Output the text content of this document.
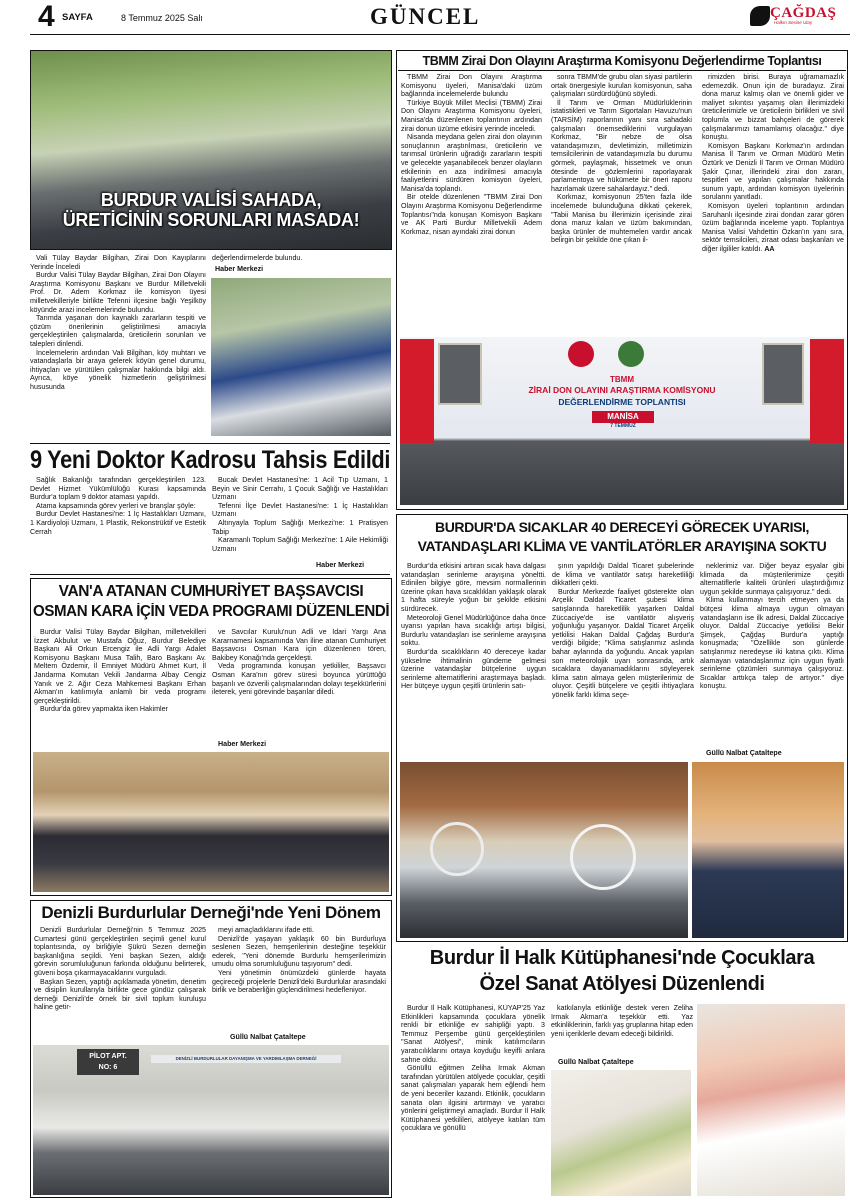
4 SAYFA	8 Temmuz 2025 Salı	GÜNCEL	ÇAĞDAŞ
Halkın Sesine Ulaş
BURDUR VALİSİ SAHADA,
ÜRETİCİNİN SORUNLARI MASADA!

Vali Tülay Baydar Bilgihan, Zirai Don Kayıplarını Yerinde İnceledi

Burdur Valisi Tülay Baydar Bilgihan, Zirai Don Olayını Araştırma Komisyonu Başkanı ve Burdur Milletvekili Prof. Dr. Adem Korkmaz ile komisyon üyesi milletvekilleriyle birlikte Tefenni ilçesine bağlı Yeşilköy köyünde arazi incelemelerinde bulundu.

Tarımda yaşanan don kaynaklı zararların tespiti ve çözüm önerilerinin geliştirilmesi amacıyla gerçekleştirilen çalışmalarda, üreticilerin sorunları ve talepleri dinlendi.

İncelemelerin ardından Vali Bilgihan, köy muhtarı ve vatandaşlarla bir araya gelerek köyün genel durumu, ihtiyaçları ve yürütülen çalışmalar hakkında bilgi aldı. Ayrıca, köye yönelik hizmetlerin geliştirilmesi hususunda

değerlendirmelerde bulundu.
Haber Merkezi
9 Yeni Doktor Kadrosu Tahsis Edildi

Sağlık Bakanlığı tarafından gerçekleştirilen 123. Devlet Hizmet Yükümlülüğü Kurası kapsamında Burdur'a toplam 9 doktor ataması yapıldı.

Atama kapsamında görev yerleri ve branşlar şöyle:

Burdur Devlet Hastanesi'ne: 1 İç Hastalıkları Uzmanı, 1 Kardiyoloji Uzmanı, 1 Plastik, Rekonstrüktif ve Estetik Cerrah

Bucak Devlet Hastanesi'ne: 1 Acil Tıp Uzmanı, 1 Beyin ve Sinir Cerrahı, 1 Çocuk Sağlığı ve Hastalıkları Uzmanı

Tefenni İlçe Devlet Hastanesi'ne: 1 İç Hastalıkları Uzmanı

Altınyayla Toplum Sağlığı Merkezi'ne: 1 Pratisyen Tabip

Karamanlı Toplum Sağlığı Merkezi'ne: 1 Aile Hekimliği Uzmanı

Haber Merkezi
VAN'A ATANAN CUMHURİYET BAŞSAVCISI
OSMAN KARA İÇİN VEDA PROGRAMI DÜZENLENDİ

Burdur Valisi Tülay Baydar Bilgihan, milletvekilleri İzzet Akbulut ve Mustafa Oğuz, Burdur Belediye Başkanı Ali Orkun Ercengiz ile Adli Yargı Adalet Komisyonu Başkanı Musa Talih, Baro Başkanı Av. Meltem Özdemir, İl Emniyet Müdürü Ahmet Kurt, İl Jandarma Komutan Vekili Jandarma Albay Cengiz Yanık ve 2. Ağır Ceza Mahkemesi Başkanı Erhan Akman'ın katılımıyla anlamlı bir veda programı gerçekleştirildi.

Burdur'da görev yapmakta iken Hakimler

ve Savcılar Kurulu'nun Adli ve İdari Yargı Ana Kararnamesi kapsamında Van iline atanan Cumhuriyet Başsavcısı Osman Kara için düzenlenen tören, Bakibey Konağı'nda gerçekleşti.

Veda programında konuşan yetkililer, Başsavcı Osman Kara'nın görev süresi boyunca yürüttüğü başarılı ve özverili çalışmalarından dolayı teşekkürlerini ileterek, yeni görevinde başarılar diledi.

Haber Merkezi
Denizli Burdurlular Derneği'nde Yeni Dönem

Denizli Burdurlular Derneği'nin 5 Temmuz 2025 Cumartesi günü gerçekleştirilen seçimli genel kurul toplantısında, oy birliğiyle Şükrü Sezen derneğin başkanlığına seçildi. Yeni başkan Sezen, aldığı görevin sorumluluğunun farkında olduğunu belirterek, güveni boşa çıkarmayacaklarını vurguladı.

Başkan Sezen, yaptığı açıklamada yönetim, denetim ve disiplin kurullarıyla birlikte gece gündüz çalışarak derneği Denizli'de örnek bir sivil toplum kuruluşu haline getir-

meyi amaçladıklarını ifade etti.

Denizli'de yaşayan yaklaşık 60 bin Burdurluya seslenen Sezen, hemşerilerinin desteğine teşekkür ederek, "Yeni dönemde Burdurlu hemşerilerimizin umudu olma sorumluluğunu taşıyorum" dedi.

Yeni yönetimin önümüzdeki günlerde hayata geçireceği projelerle Denizli'deki Burdurlular arasındaki birlik ve beraberliğin güçlendirilmesi hedefleniyor.

Güllü Nalbat Çataltepe
PİLOT APT.
NO: 6
DENİZLİ BURDURLULAR DAYANIŞMA VE YARDIMLAŞMA DERNEĞİ
TBMM Zirai Don Olayını Araştırma Komisyonu Değerlendirme Toplantısı

TBMM Zirai Don Olayını Araştırma Komisyonu üyeleri, Manisa'daki üzüm bağlarında incelemelerde bulundu

Türkiye Büyük Millet Meclisi (TBMM) Zirai Don Olayını Araştırma Komisyonu üyeleri, Manisa'da düzenlenen toplantının ardından zirai donun üzüme etkisini yerinde inceledi.

Nisanda meydana gelen zirai don olayının sonuçlarının araştırılması, üreticilerin ve tarımsal ürünlerin uğradığı zararların tespiti ve gelecekte yaşanabilecek benzer olayların etkilerinin en aza indirilmesi amacıyla faaliyetlerini sürdüren komisyon üyeleri, Manisa'da toplandı.

Bir otelde düzenlenen "TBMM Zirai Don Olayını Araştırma Komisyonu Değerlendirme Toplantısı"nda konuşan Komisyon Başkanı ve AK Parti Burdur Milletvekili Adem Korkmaz, nisan ayındaki zirai donun

sonra TBMM'de grubu olan siyasi partilerin ortak önergesiyle kurulan komisyonun, saha çalışmaları sürdürdüğünü söyledi.

İl Tarım ve Orman Müdürlüklerinin istatistikleri ve Tarım Sigortaları Havuzu'nun (TARSİM) raporlarının yanı sıra sahadaki çalışmaları önemsediklerini vurgulayan Korkmaz, "Bir nebze de olsa vatandaşımızın, devletimizin, milletimizin temsilcilerinin de vatandaşımızla bu durumu görmek, paylaşmak, hissetmek ve onun ötesinde de gözlemlerini raporlayarak parlamentoya ve hükümete bir öneri raporu hazırlamak üzere sahalardayız." dedi.

Korkmaz, komisyonun 25'ten fazla ilde incelemede bulunduğuna dikkati çekerek, "Tabii Manisa bu illerimizin içerisinde zirai dona maruz kalan ve üzüm bakımından, başka ürünler de muhtemelen vardır ancak belirgin bir şekilde öne çıkan il-

rimizden birisi. Buraya uğramamazlık edemezdik. Onun için de buradayız. Zirai dona maruz kalmış olan ve önemli gider ve maliyet sıkıntısı yaşamış olan illerimizdeki üreticilerimizle ve üreticilerin birlikleri ve sivil toplumla ve bizzat bahçeleri de görerek çalışmalarımızı tamamlamış olacağız." diye konuştu.

Komisyon Başkanı Korkmaz'ın ardından Manisa İl Tarım ve Orman Müdürü Metin Öztürk ve Denizli İl Tarım ve Orman Müdürü Şakir Çınar, illerindeki zirai don zararı, tespitleri ve yapılan çalışmalar hakkında sunum yaptı, ardından komisyon üyelerinin sorularını yanıtladı.

Komisyon üyeleri toplantının ardından Saruhanlı ilçesinde zirai dondan zarar gören üzüm bağlarında inceleme yaptı. Toplantıya Manisa Valisi Vahdettin Özkan'ın yanı sıra, sektör temsilcileri, ziraat odası başkanları ve diğer ilgililer katıldı. AA

TBMM
ZİRAİ DON OLAYINI ARAŞTIRMA KOMİSYONU
DEĞERLENDİRME TOPLANTISI
MANİSA
7 TEMMUZ
BURDUR'DA SICAKLAR 40 DERECEYİ GÖRECEK UYARISI,
VATANDAŞLARI KLİMA VE VANTİLATÖRLER ARAYIŞINA SOKTU

Burdur'da etkisini artıran sıcak hava dalgası vatandaşları serinleme arayışına yöneltti. Edinilen bilgiye göre, mevsim normallerinin üzerine çıkan hava sıcaklıkları yaklaşık olarak 1 hafta süreyle yoğun bir şekilde etkisini sürdürecek.

Meteoroloji Genel Müdürlüğünce daha önce uyarısı yapılan hava sıcaklığı artışı bilgisi, Burdurlu vatandaşları ise serinleme arayışına soktu.

Burdur'da sıcaklıkların 40 dereceye kadar yükselme ihtimalinin gündeme gelmesi üzerine vatandaşlar bütçelerine uygun serinleme alternatiflerini araştırmaya başladı. Her bütçeye uygun çeşitli ürünlerin satı-

şının yapıldığı Daldal Ticaret şubelerinde de klima ve vantilatör satışı hareketliliği dikkatleri çekti.

Burdur Merkezde faaliyet gösterekte olan Arçelik Daldal Ticaret şubesi klima satışlarında hareketlilik yaşarken Daldal Züccaciye'de ise vantilatör alışveriş yoğunluğu yaşanıyor. Daldal Ticaret Arçelik yetkilisi Hakan Daldal Çağdaş Burdur'a verdiği bilgide; "Klima satışlarımız aslında bahar aylarında da yoğundu. Ancak yapılan son meteorolojik uyarı sonrasında, artık sıcaklara dayanamadıklarını söyleyerek klima satın almaya gelen müşterilerimiz de oluyor. Çeşitli bütçelere ve çeşitli ihtiyaçlara yönelik farklı klima seçe-

neklerimiz var. Diğer beyaz eşyalar gibi klimada da müşterilerimize çeşitli alternatiflerle kaliteli ürünleri ulaştırdığımız uygun şekilde sunmaya çalışıyoruz." dedi.

Klima kullanmayı tercih etmeyen ya da bütçesi klima almaya uygun olmayan vatandaşların ise ilk adresi, Daldal Züccaciye oluyor. Daldal Züccaciye yetkilisi Bekir Şimşek, Çağdaş Burdur'a yaptığı konuşmada; "Özellikle son günlerde satışlarımız neredeyse iki katına çıktı. Klima alamayan vatandaşlarımız için uygun fiyatlı serinleme çözümleri sunmaya çalışıyoruz. Sıcaklar arttıkça talep de artıyor." diye konuştu.

Güllü Nalbat Çataltepe
Burdur İl Halk Kütüphanesi'nde Çocuklara
Özel Sanat Atölyesi Düzenlendi

Burdur İl Halk Kütüphanesi, KÜYAP'25 Yaz Etkinlikleri kapsamında çocuklara yönelik renkli bir etkinliğe ev sahipliği yaptı. 3 Temmuz Perşembe günü gerçekleştirilen "Sanat Atölyesi", minik katılımcıların yaratıcılıklarını ortaya koyduğu keyifli anlara sahne oldu.

Gönüllü eğitmen Zeliha Irmak Akman tarafından yürütülen atölyede çocuklar, çeşitli sanat çalışmaları yaparak hem eğlendi hem de yeni beceriler kazandı. Etkinlik, çocukların sanata olan ilgisini artırmayı ve yaratıcı yönlerini geliştirmeyi amaçladı. Burdur İl Halk Kütüphanesi yetkilileri, atölyeye katılan tüm çocuklara ve gönüllü

katkılarıyla etkinliğe destek veren Zeliha Irmak Akman'a teşekkür etti. Yaz etkinliklerinin, farklı yaş gruplarına hitap eden yeni içeriklerle devam edeceği bildirildi.

Güllü Nalbat Çataltepe
